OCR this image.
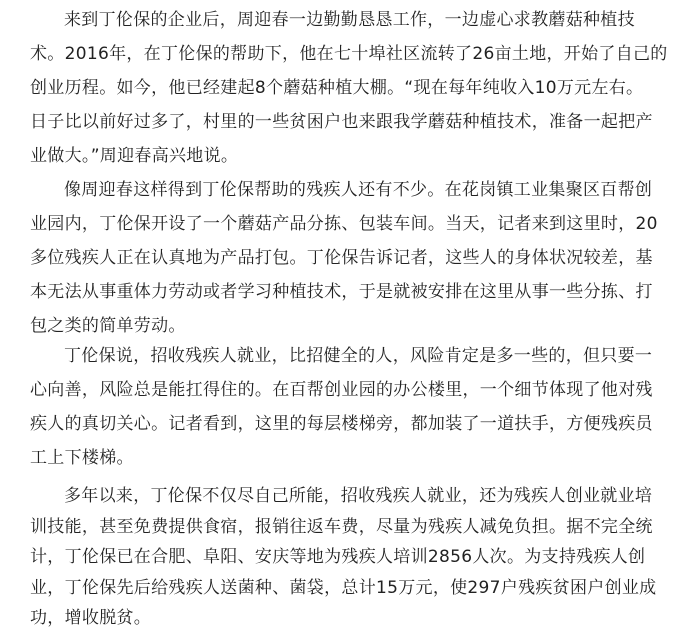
来到丁伦保的企业后，周迎春一边勤勤恳恳工作，一边虚心求教蘑菇种植技
术。2016年，在丁伦保的帮助下，他在七十埠社区流转了26亩土地，开始了自己的
创业历程。如今，他已经建起8个蘑菇种植大棚。“现在每年纯收入10万元左右。
日子比以前好过多了，村里的一些贫困户也来跟我学蘑菇种植技术，准备一起把产
业做大。”周迎春高兴地说。
像周迎春这样得到丁伦保帮助的残疾人还有不少。在花岗镇工业集聚区百帮创
业园内，丁伦保开设了一个蘑菇产品分拣、包装车间。当天，记者来到这里时，20
多位残疾人正在认真地为产品打包。丁伦保告诉记者，这些人的身体状况较差，基
本无法从事重体力劳动或者学习种植技术，于是就被安排在这里从事一些分拣、打
包之类的简单劳动。
丁伦保说，招收残疾人就业，比招健全的人，风险肯定是多一些的，但只要一
心向善，风险总是能扛得住的。在百帮创业园的办公楼里，一个细节体现了他对残
疾人的真切关心。记者看到，这里的每层楼梯旁，都加装了一道扶手，方便残疾员
工上下楼梯。
多年以来，丁伦保不仅尽自己所能，招收残疾人就业，还为残疾人创业就业培
训技能，甚至免费提供食宿，报销往返车费，尽量为残疾人减免负担。据不完全统
计，丁伦保已在合肥、阜阳、安庆等地为残疾人培训2856人次。为支持残疾人创
业，丁伦保先后给残疾人送菌种、菌袋，总计15万元，使297户残疾贫困户创业成
功，增收脱贫。
